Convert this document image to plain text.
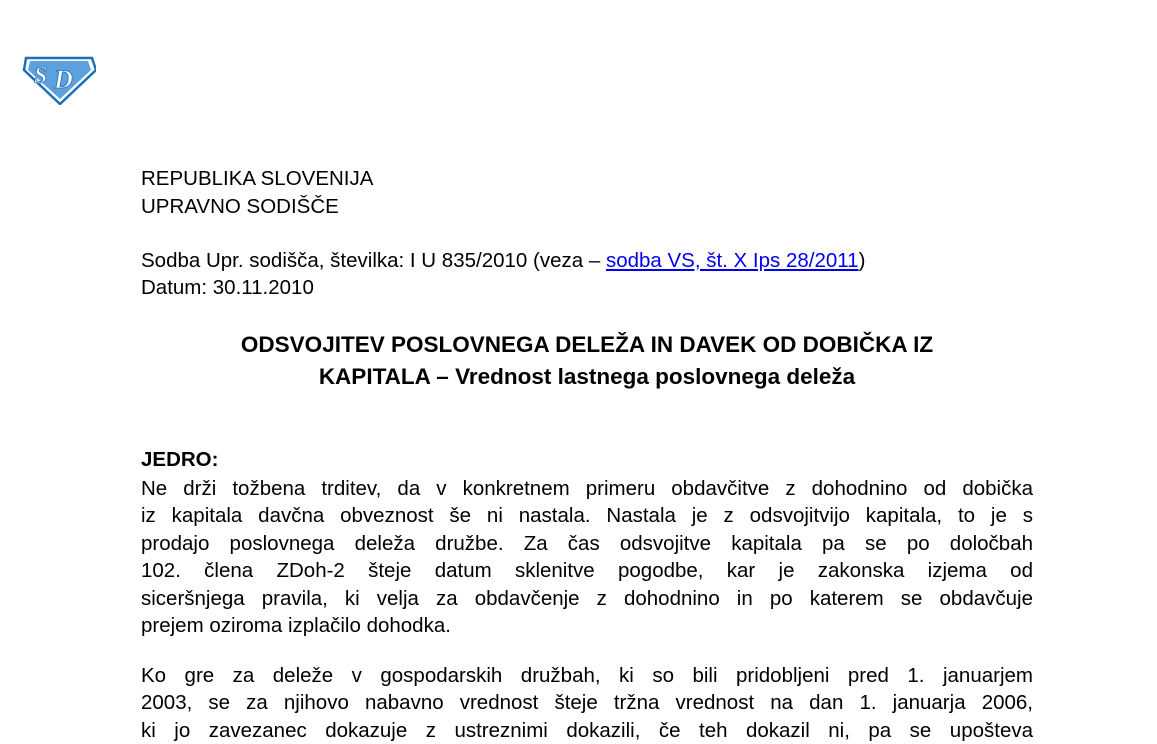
S D
REPUBLIKA SLOVENIJA
UPRAVNO SODIŠČE
Sodba Upr. sodišča, številka: I U 835/2010 (veza – sodba VS, št. X Ips 28/2011)
Datum: 30.11.2010
ODSVOJITEV POSLOVNEGA DELEŽA IN DAVEK OD DOBIČKA IZ
KAPITALA – Vrednost lastnega poslovnega deleža
JEDRO:
Ne drži tožbena trditev, da v konkretnem primeru obdavčitve z dohodnino od dobička
iz kapitala davčna obveznost še ni nastala. Nastala je z odsvojitvijo kapitala, to je s
prodajo poslovnega deleža družbe. Za čas odsvojitve kapitala pa se po določbah
102. člena ZDoh-2 šteje datum sklenitve pogodbe, kar je zakonska izjema od
siceršnjega pravila, ki velja za obdavčenje z dohodnino in po katerem se obdavčuje
prejem oziroma izplačilo dohodka.
Ko gre za deleže v gospodarskih družbah, ki so bili pridobljeni pred 1. januarjem
2003, se za njihovo nabavno vrednost šteje tržna vrednost na dan 1. januarja 2006,
ki jo zavezanec dokazuje z ustreznimi dokazili, če teh dokazil ni, pa se upošteva
